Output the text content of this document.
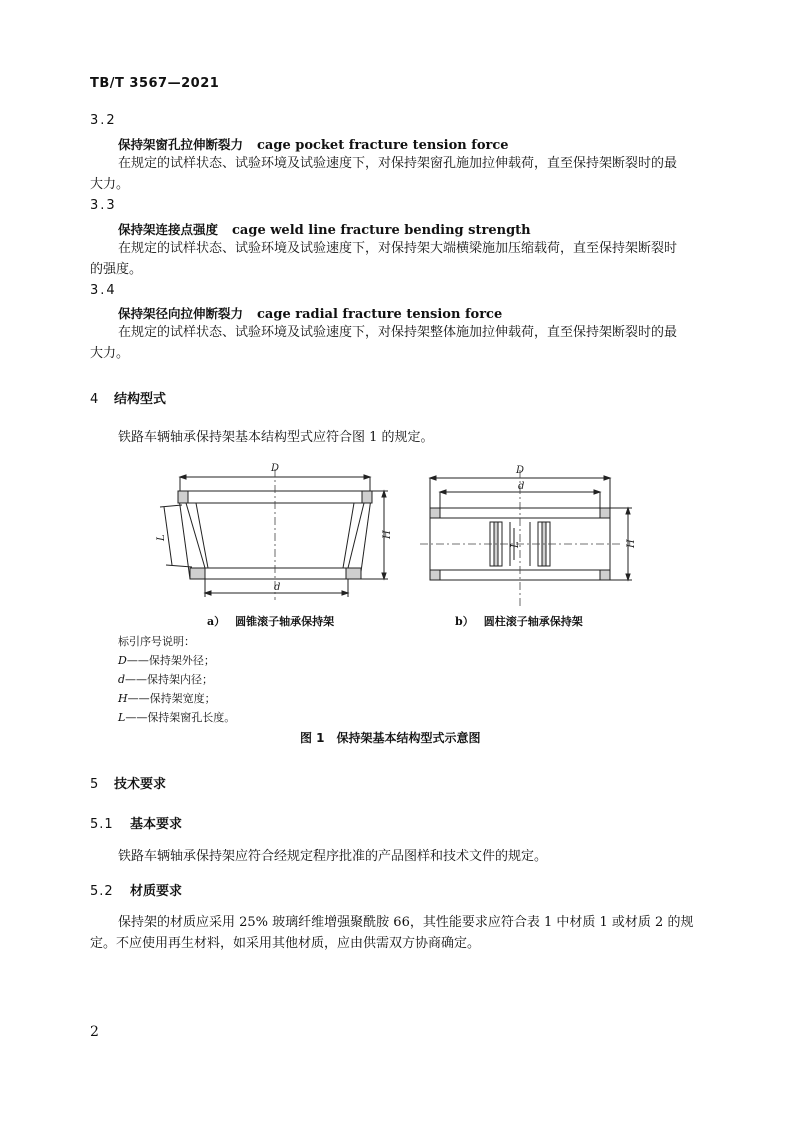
TB/T 3567—2021
3.2
保持架窗孔拉伸断裂力 cage pocket fracture tension force
在规定的试样状态、试验环境及试验速度下，对保持架窗孔施加拉伸载荷，直至保持架断裂时的最
大力。
3.3
保持架连接点强度 cage weld line fracture bending strength
在规定的试样状态、试验环境及试验速度下，对保持架大端横梁施加压缩载荷，直至保持架断裂时
的强度。
3.4
保持架径向拉伸断裂力 cage radial fracture tension force
在规定的试样状态、试验环境及试验速度下，对保持架整体施加拉伸载荷，直至保持架断裂时的最
大力。
4 结构型式
铁路车辆轴承保持架基本结构型式应符合图 1 的规定。
D
d
H
L
D
d
H
L
a） 圆锥滚子轴承保持架	b） 圆柱滚子轴承保持架
标引序号说明：
D——保持架外径；
d——保持架内径；
H——保持架宽度；
L——保持架窗孔长度。
图 1 保持架基本结构型式示意图
5 技术要求
5.1 基本要求
铁路车辆轴承保持架应符合经规定程序批准的产品图样和技术文件的规定。
5.2 材质要求
保持架的材质应采用 25% 玻璃纤维增强聚酰胺 66，其性能要求应符合表 1 中材质 1 或材质 2 的规
定。不应使用再生材料，如采用其他材质，应由供需双方协商确定。
2
